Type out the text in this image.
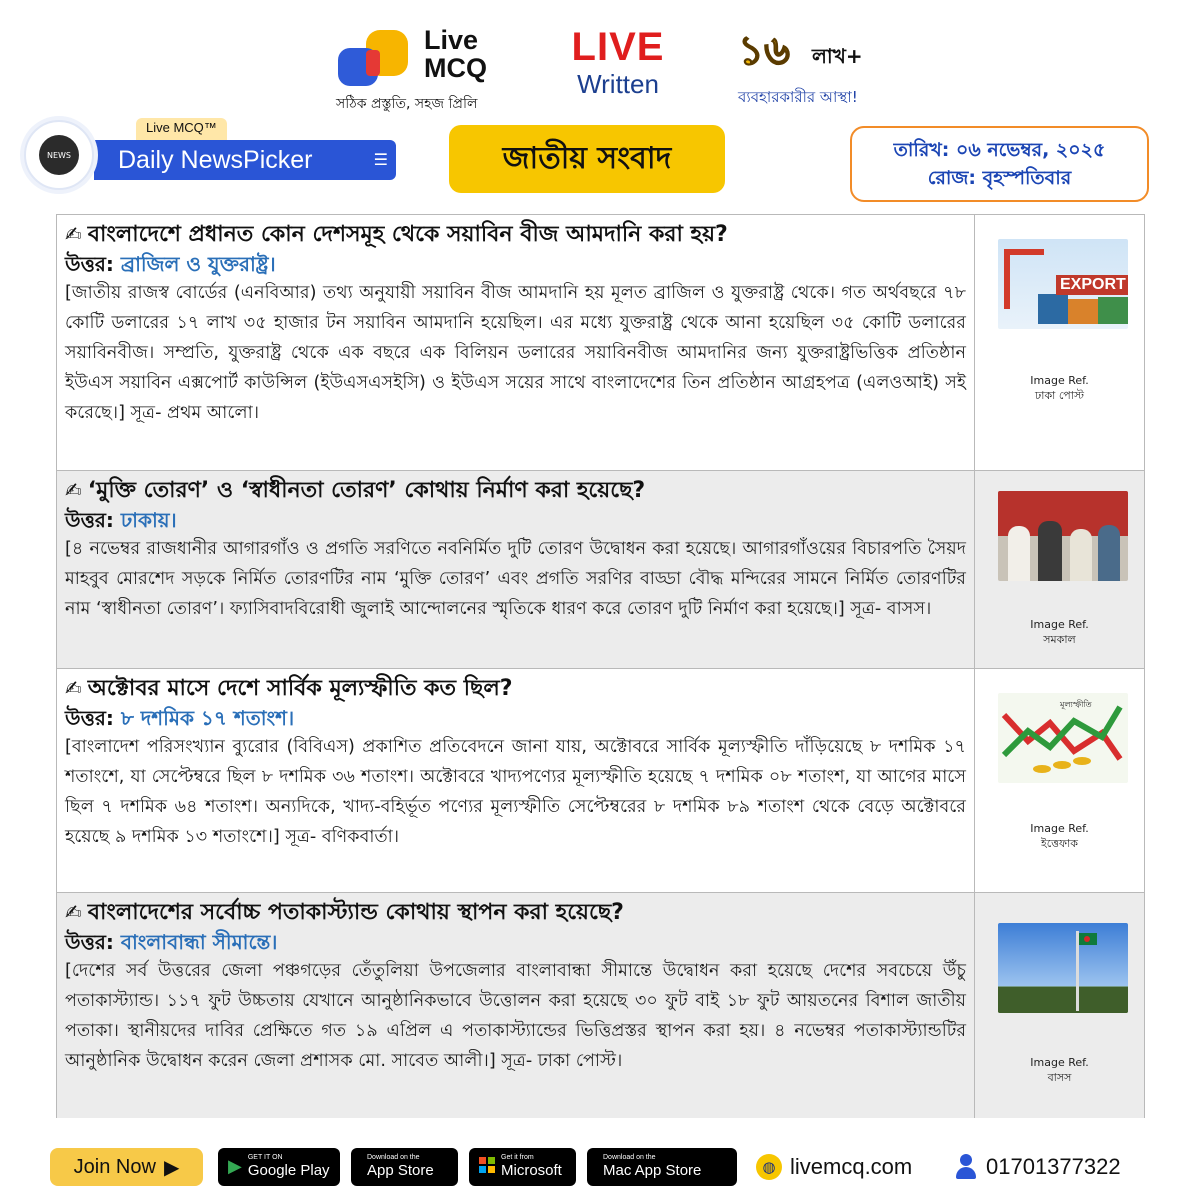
Live
MCQ
সঠিক প্রস্তুতি, সহজ প্রিলি
LIVE
Written
১৬ লাখ+
ব্যবহারকারীর আস্থা!
Daily NewsPicker	☰
Live MCQ™
NEWS	জাতীয় সংবাদ	তারিখ: ০৬ নভেম্বর, ২০২৫
রোজ: বৃহস্পতিবার
✍ বাংলাদেশে প্রধানত কোন দেশসমূহ থেকে সয়াবিন বীজ আমদানি করা হয়?
উত্তর: ব্রাজিল ও যুক্তরাষ্ট্র।
[জাতীয় রাজস্ব বোর্ডের (এনবিআর) তথ্য অনুযায়ী সয়াবিন বীজ আমদানি হয় মূলত ব্রাজিল ও যুক্তরাষ্ট্র থেকে। গত অর্থবছরে ৭৮ কোটি ডলারের ১৭ লাখ ৩৫ হাজার টন সয়াবিন আমদানি হয়েছিল। এর মধ্যে যুক্তরাষ্ট্র থেকে আনা হয়েছিল ৩৫ কোটি ডলারের সয়াবিনবীজ। সম্প্রতি, যুক্তরাষ্ট্র থেকে এক বছরে এক বিলিয়ন ডলারের সয়াবিনবীজ আমদানির জন্য যুক্তরাষ্ট্রভিত্তিক প্রতিষ্ঠান ইউএস সয়াবিন এক্সপোর্ট কাউন্সিল (ইউএসএসইসি) ও ইউএস সয়ের সাথে বাংলাদেশের তিন প্রতিষ্ঠান আগ্রহপত্র (এলওআই) সই করেছে।] সূত্র- প্রথম আলো।
EXPORT
Image Ref.
ঢাকা পোস্ট
✍ ‘মুক্তি তোরণ’ ও ‘স্বাধীনতা তোরণ’ কোথায় নির্মাণ করা হয়েছে?
উত্তর: ঢাকায়।
[৪ নভেম্বর রাজধানীর আগারগাঁও ও প্রগতি সরণিতে নবনির্মিত দুটি তোরণ উদ্বোধন করা হয়েছে। আগারগাঁওয়ের বিচারপতি সৈয়দ মাহবুব মোরশেদ সড়কে নির্মিত তোরণটির নাম ‘মুক্তি তোরণ’ এবং প্রগতি সরণির বাড্ডা বৌদ্ধ মন্দিরের সামনে নির্মিত তোরণটির নাম ‘স্বাধীনতা তোরণ’। ফ্যাসিবাদবিরোধী জুলাই আন্দোলনের স্মৃতিকে ধারণ করে তোরণ দুটি নির্মাণ করা হয়েছে।] সূত্র- বাসস।
Image Ref.
সমকাল
✍ অক্টোবর মাসে দেশে সার্বিক মূল্যস্ফীতি কত ছিল?
উত্তর: ৮ দশমিক ১৭ শতাংশ।
[বাংলাদেশ পরিসংখ্যান ব্যুরোর (বিবিএস) প্রকাশিত প্রতিবেদনে জানা যায়, অক্টোবরে সার্বিক মূল্যস্ফীতি দাঁড়িয়েছে ৮ দশমিক ১৭ শতাংশে, যা সেপ্টেম্বরে ছিল ৮ দশমিক ৩৬ শতাংশ। অক্টোবরে খাদ্যপণ্যের মূল্যস্ফীতি হয়েছে ৭ দশমিক ০৮ শতাংশ, যা আগের মাসে ছিল ৭ দশমিক ৬৪ শতাংশ। অন্যদিকে, খাদ্য-বহির্ভূত পণ্যের মূল্যস্ফীতি সেপ্টেম্বরের ৮ দশমিক ৮৯ শতাংশ থেকে বেড়ে অক্টোবরে হয়েছে ৯ দশমিক ১৩ শতাংশে।] সূত্র- বণিকবার্তা।
মূল্যস্ফীতি
Image Ref.
ইত্তেফাক
✍ বাংলাদেশের সর্বোচ্চ পতাকাস্ট্যান্ড কোথায় স্থাপন করা হয়েছে?
উত্তর: বাংলাবান্ধা সীমান্তে।
[দেশের সর্ব উত্তরের জেলা পঞ্চগড়ের তেঁতুলিয়া উপজেলার বাংলাবান্ধা সীমান্তে উদ্বোধন করা হয়েছে দেশের সবচেয়ে উঁচু পতাকাস্ট্যান্ড। ১১৭ ফুট উচ্চতায় যেখানে আনুষ্ঠানিকভাবে উত্তোলন করা হয়েছে ৩০ ফুট বাই ১৮ ফুট আয়তনের বিশাল জাতীয় পতাকা। স্থানীয়দের দাবির প্রেক্ষিতে গত ১৯ এপ্রিল এ পতাকাস্ট্যান্ডের ভিত্তিপ্রস্তর স্থাপন করা হয়। ৪ নভেম্বর পতাকাস্ট্যান্ডটির আনুষ্ঠানিক উদ্বোধন করেন জেলা প্রশাসক মো. সাবেত আলী।] সূত্র- ঢাকা পোস্ট।	Image Ref.
বাসস
Join Now ▶	▶ GET IT ON
Google Play
Download on the
App Store
Get it from
Microsoft
Download on the
Mac App Store	◍ livemcq.com	01701377322
